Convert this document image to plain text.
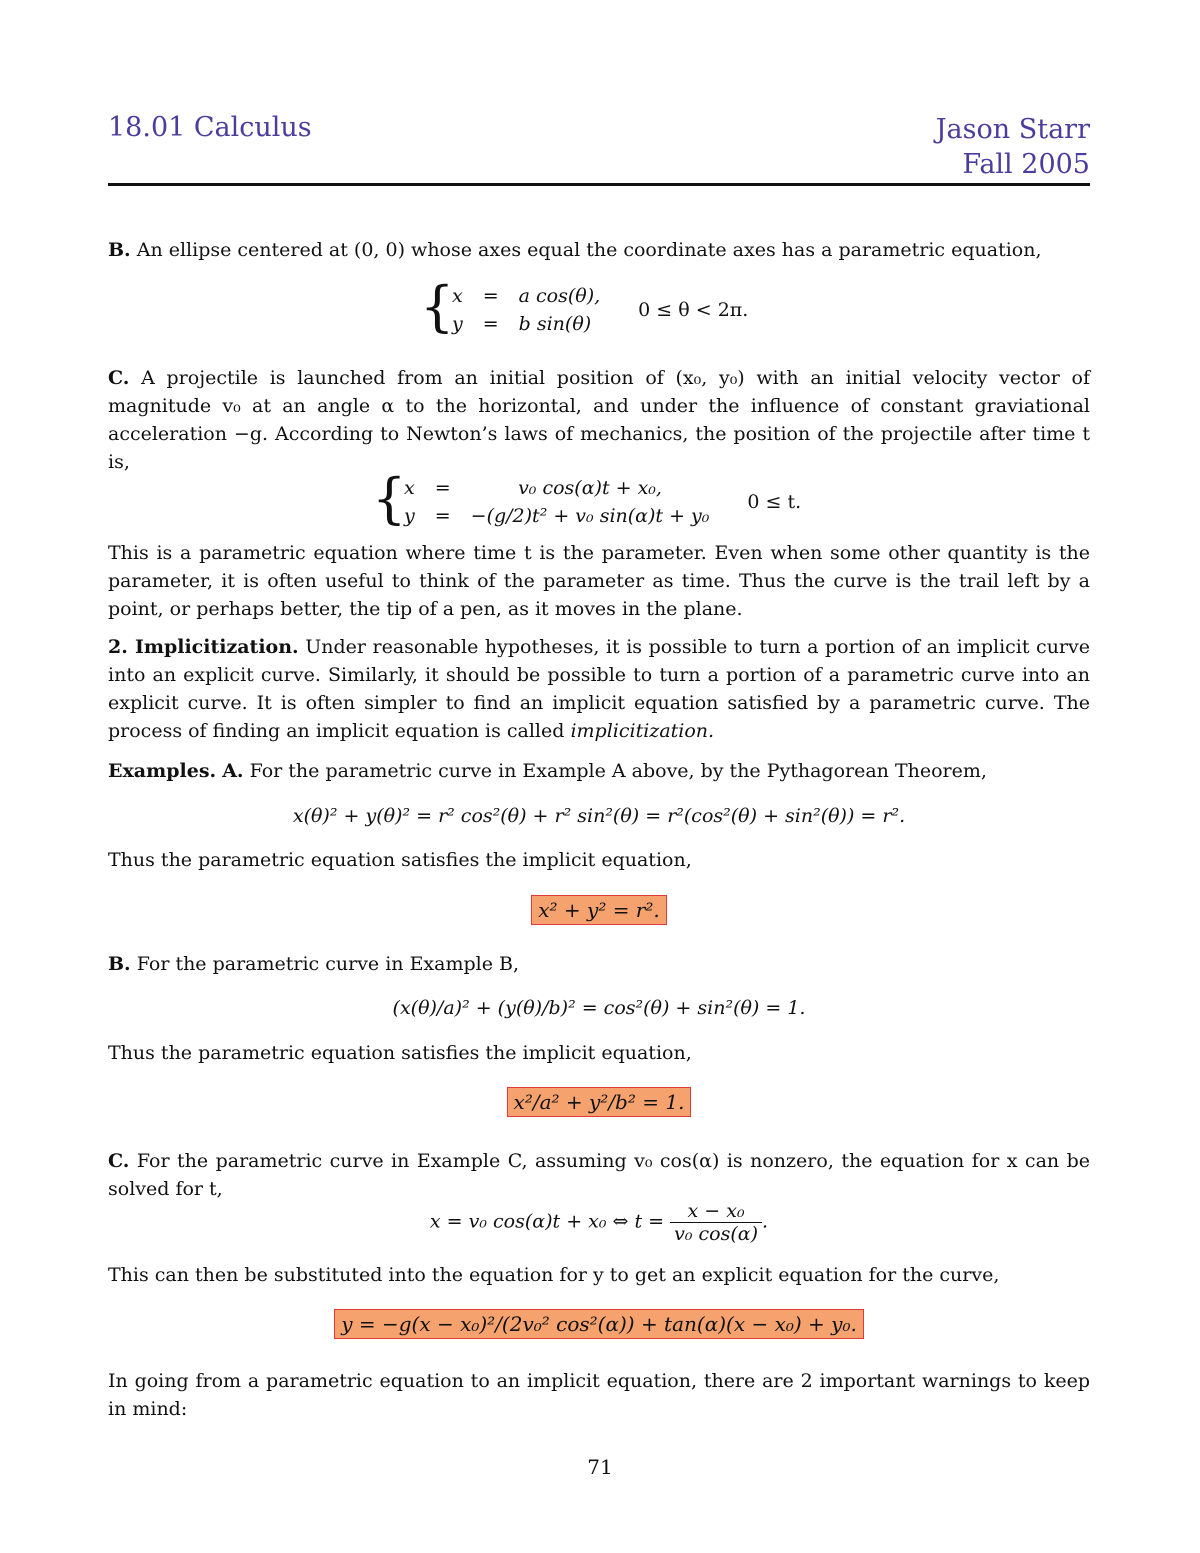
18.01 Calculus	Jason Starr
Fall 2005
B. An ellipse centered at (0, 0) whose axes equal the coordinate axes has a parametric equation,
{
x	=	a cos(θ),	0 ≤ θ < 2π.
y	=	b sin(θ)	
C. A projectile is launched from an initial position of (x₀, y₀) with an initial velocity vector of magnitude v₀ at an angle α to the horizontal, and under the influence of constant graviational acceleration −g. According to Newton’s laws of mechanics, the position of the projectile after time t is,
{
x	=	v₀ cos(α)t + x₀,	0 ≤ t.
y	=	−(g/2)t² + v₀ sin(α)t + y₀	
This is a parametric equation where time t is the parameter. Even when some other quantity is the parameter, it is often useful to think of the parameter as time. Thus the curve is the trail left by a point, or perhaps better, the tip of a pen, as it moves in the plane.
2. Implicitization. Under reasonable hypotheses, it is possible to turn a portion of an implicit curve into an explicit curve. Similarly, it should be possible to turn a portion of a parametric curve into an explicit curve. It is often simpler to find an implicit equation satisfied by a parametric curve. The process of finding an implicit equation is called implicitization.
Examples. A. For the parametric curve in Example A above, by the Pythagorean Theorem,
x(θ)² + y(θ)² = r² cos²(θ) + r² sin²(θ) = r²(cos²(θ) + sin²(θ)) = r².
Thus the parametric equation satisfies the implicit equation,
x² + y² = r².
B. For the parametric curve in Example B,
(x(θ)/a)² + (y(θ)/b)² = cos²(θ) + sin²(θ) = 1.
Thus the parametric equation satisfies the implicit equation,
x²/a² + y²/b² = 1.
C. For the parametric curve in Example C, assuming v₀ cos(α) is nonzero, the equation for x can be solved for t,
x = v₀ cos(α)t + x₀ ⇔ $t = \frac{\text{x − x₀}}{\text{v₀ cos(α)}}$ .
This can then be substituted into the equation for y to get an explicit equation for the curve,
y = −g(x − x₀)²/(2v₀² cos²(α)) + tan(α)(x − x₀) + y₀.
In going from a parametric equation to an implicit equation, there are 2 important warnings to keep in mind:
71
